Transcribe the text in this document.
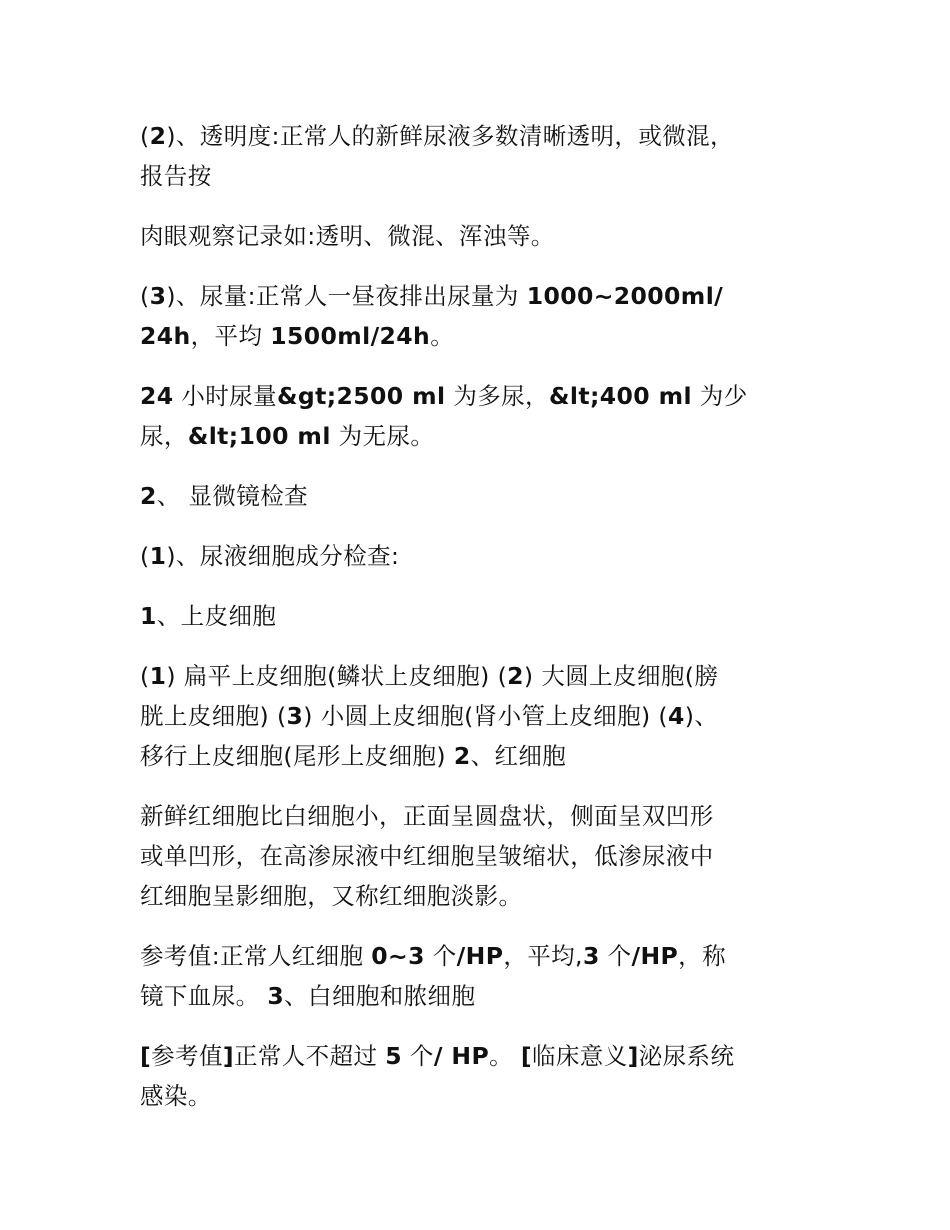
(2)、透明度:正常人的新鲜尿液多数清晰透明，或微混，
报告按
肉眼观察记录如:透明、微混、浑浊等。
(3)、尿量:正常人一昼夜排出尿量为 1000~2000ml/
24h，平均 1500ml/24h。
24 小时尿量&gt;2500 ml 为多尿，&lt;400 ml 为少
尿，&lt;100 ml 为无尿。
2、 显微镜检查
(1)、尿液细胞成分检查:
1、上皮细胞
(1) 扁平上皮细胞(鳞状上皮细胞) (2) 大圆上皮细胞(膀
胱上皮细胞) (3) 小圆上皮细胞(肾小管上皮细胞) (4)、
移行上皮细胞(尾形上皮细胞) 2、红细胞
新鲜红细胞比白细胞小，正面呈圆盘状，侧面呈双凹形
或单凹形，在高渗尿液中红细胞呈皱缩状，低渗尿液中
红细胞呈影细胞，又称红细胞淡影。
参考值:正常人红细胞 0~3 个/HP，平均,3 个/HP，称
镜下血尿。 3、白细胞和脓细胞
[参考值]正常人不超过 5 个/ HP。 [临床意义]泌尿系统
感染。
